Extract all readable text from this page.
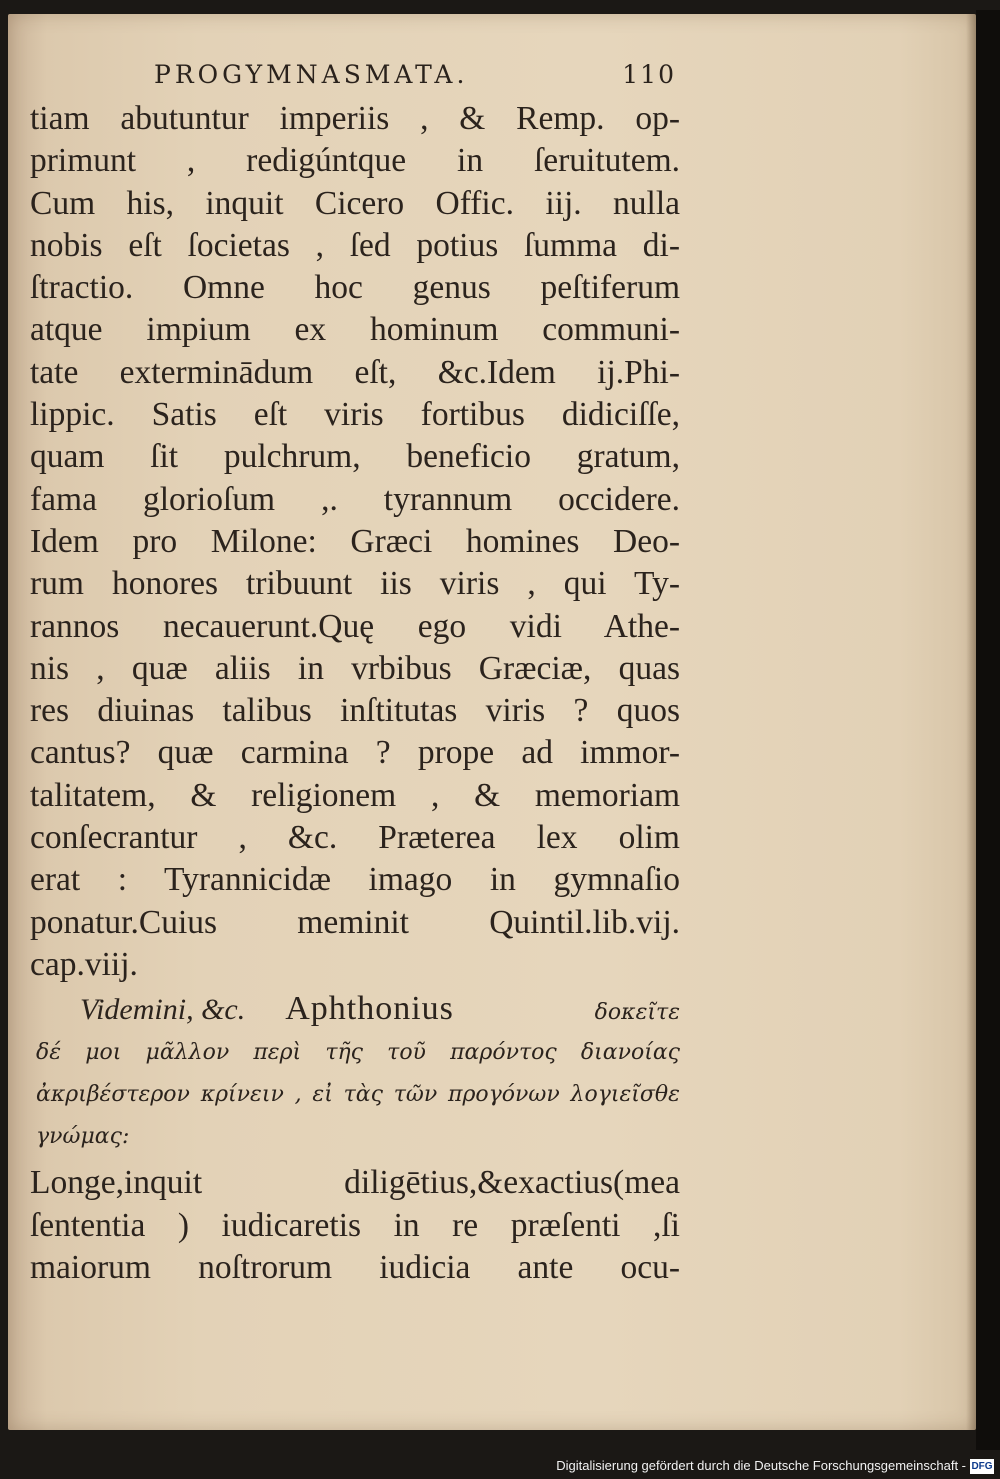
PROGYMNASMATA.	110
tiam abutuntur imperiis , & Remp. op-
primunt , redigúntque in ſeruitutem.
Cum his, inquit Cicero Offic. iij. nulla
nobis eſt ſocietas , ſed potius ſumma di-
ſtractio. Omne hoc genus peſtiferum
atque impium ex hominum communi-
tate exterminādum eſt, &c.Idem ij.Phi-
lippic. Satis eſt viris fortibus didiciſſe,
quam ſit pulchrum, beneficio gratum,
fama glorioſum ,. tyrannum occidere.
Idem pro Milone: Græci homines Deo-
rum honores tribuunt iis viris , qui Ty-
rannos necauerunt.Quę ego vidi Athe-
nis , quæ aliis in vrbibus Græciæ, quas
res diuinas talibus inſtitutas viris ? quos
cantus? quæ carmina ? prope ad immor-
talitatem, & religionem , & memoriam
conſecrantur , &c. Præterea lex olim
erat : Tyrannicidæ imago in gymnaſio
ponatur.Cuius meminit Quintil.lib.vij.
cap.viij.
Videmini, &c. Aphthonius	δοκεῖτε
δέ μοι μᾶλλον περὶ τῆς τοῦ παρόντος διανοίας
ἀκριβέστερον κρίνειν , εἰ τὰς τῶν προγόνων λογιεῖσθε
γνώμας:
Longe,inquit diligētius,&exactius(mea
ſententia ) iudicaretis in re præſenti ,ſi
maiorum noſtrorum iudicia ante ocu-
Digitalisierung gefördert durch die Deutsche Forschungsgemeinschaft - DFG
